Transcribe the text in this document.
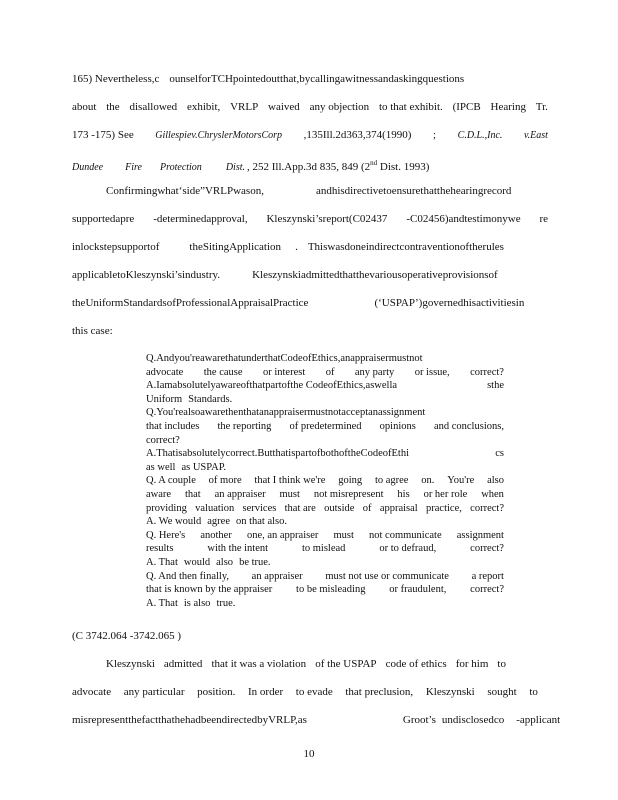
165) Nevertheless,c ounselforTCHpointedoutthat,bycallingawitnessandaskingquestions
about the disallowed exhibit, VRLP waived any objection to that exhibit. (IPCB Hearing Tr.
173 -175) See Gillespiev.ChryslerMotorsCorp ,135Ill.2d363,374(1990) ; C.D.L.,Inc. v.East
Dundee Fire Protection Dist. , 252 Ill.App.3d 835, 849 (2nd Dist. 1993)
Confirmingwhat‘side”VRLPwason,	andhisdirectivetoensurethatthehearingrecord
supportedapre -determinedapproval, Kleszynski’sreport(C02437 -C02456)andtestimonywe re
inlockstepsupportof	theSitingApplication . Thiswasdoneindirectcontraventionoftherules
applicabletoKleszynski’sindustry.	Kleszynskiadmittedthatthevariousoperativeprovisionsof
theUniformStandardsofProfessionalAppraisalPractice	(‘USPAP’)governedhisactivitiesin
this case:
Q.Andyou'reawarethatunderthatCodeofEthics,anappraisermustnot
advocate the cause or interest of any party or issue, correct?
A.Iamabsolutelyawareofthatpartofthe CodeofEthics,aswella	sthe
Uniform Standards.
Q.You'realsoawarethenthatanappraisermustnotacceptanassignment
that includes the reporting of predetermined opinions and conclusions,
correct?
A.Thatisabsolutelycorrect.ButthatispartofbothoftheCodeofEthi	cs
as well as USPAP.
Q. A couple of more that I think we're going to agree on. You're also
aware that an appraiser must not misrepresent his or her role when
providing valuation services that are outside of appraisal practice, correct?
A. We would agree on that also.
Q. Here's another one, an appraiser must not communicate assignment
results	with the intent	to mislead	or to defraud,	correct?
A. That would also be true.
Q. And then finally, an appraiser must not use or communicate a report
that is known by the appraiser to be misleading or fraudulent, correct?
A. That is also true.
(C 3742.064 -3742.065 )
Kleszynski admitted that it was a violation of the USPAP code of ethics for him to
advocate any particular position. In order to evade that preclusion, Kleszynski sought to
misrepresentthefactthathehadbeendirectedbyVRLP,as	Groot’s undisclosedco -applicant
10
